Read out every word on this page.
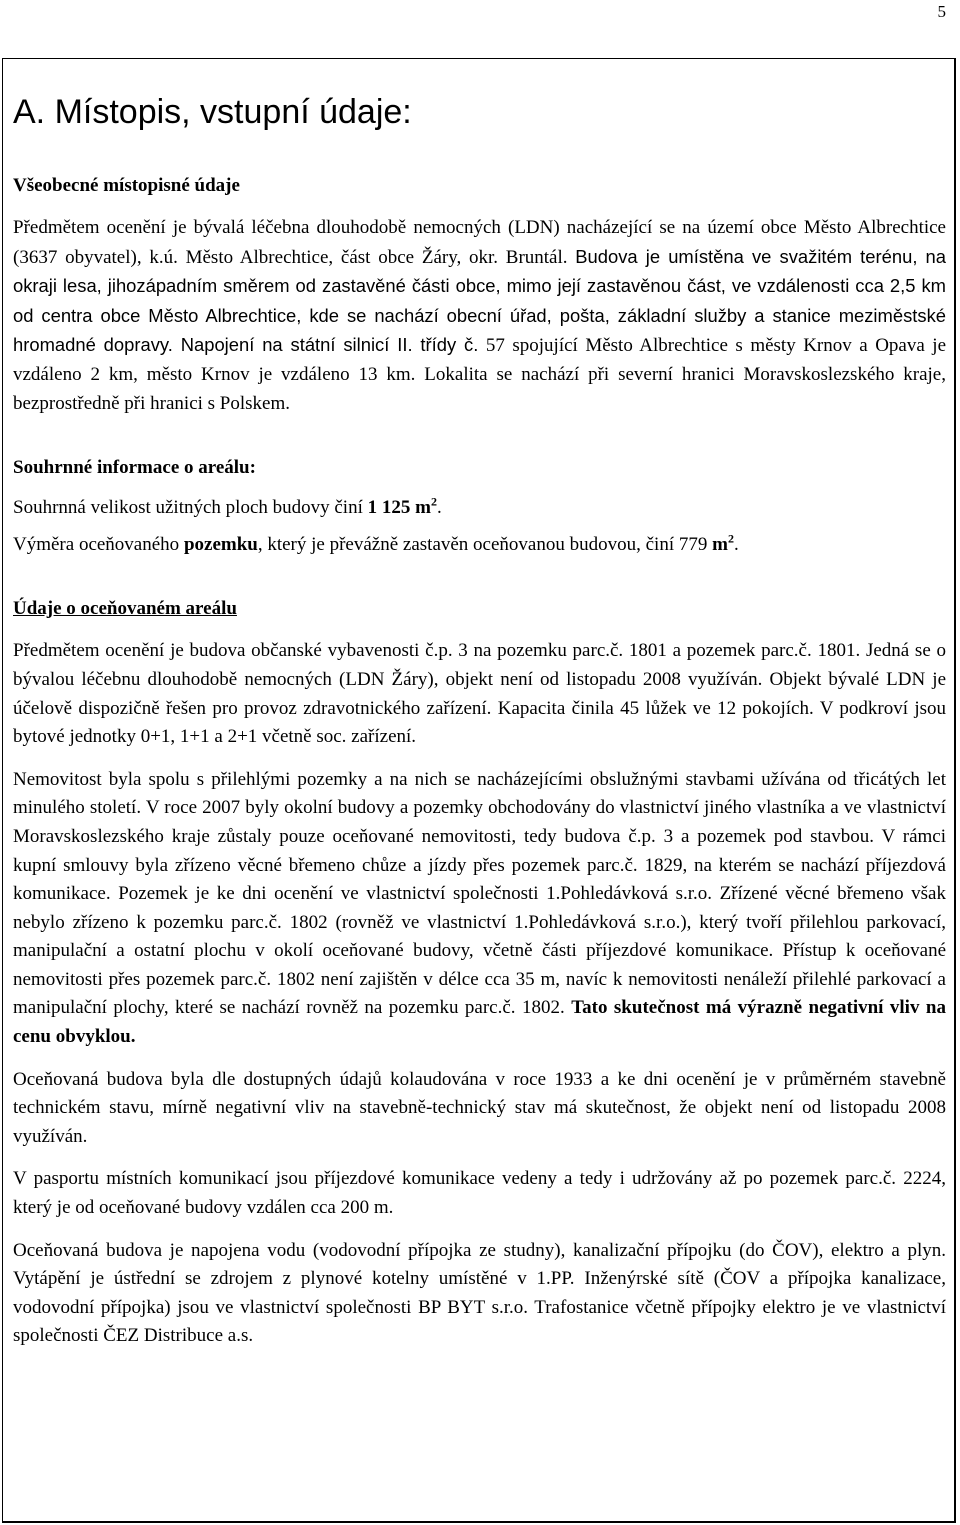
5
A. Místopis, vstupní údaje:
Všeobecné místopisné údaje

Předmětem ocenění je bývalá léčebna dlouhodobě nemocných (LDN) nacházející se na území obce Město Albrechtice (3637 obyvatel), k.ú. Město Albrechtice, část obce Žáry, okr. Bruntál. Budova je umístěna ve svažitém terénu, na okraji lesa, jihozápadním směrem od zastavěné části obce, mimo její zastavěnou část, ve vzdálenosti cca 2,5 km od centra obce Město Albrechtice, kde se nachází obecní úřad, pošta, základní služby a stanice meziměstské hromadné dopravy. Napojení na státní silnicí II. třídy č. 57 spojující Město Albrechtice s městy Krnov a Opava je vzdáleno 2 km, město Krnov je vzdáleno 13 km. Lokalita se nachází při severní hranici Moravskoslezského kraje, bezprostředně při hranici s Polskem.

Souhrnné informace o areálu:

Souhrnná velikost užitných ploch budovy činí 1 125 $m^2$.

Výměra oceňovaného pozemku, který je převážně zastavěn oceňovanou budovou, činí 779 $m^2$.

Údaje o oceňovaném areálu

Předmětem ocenění je budova občanské vybavenosti č.p. 3 na pozemku parc.č. 1801 a pozemek parc.č. 1801. Jedná se o bývalou léčebnu dlouhodobě nemocných (LDN Žáry), objekt není od listopadu 2008 využíván. Objekt bývalé LDN je účelově dispozičně řešen pro provoz zdravotnického zařízení. Kapacita činila 45 lůžek ve 12 pokojích. V podkroví jsou bytové jednotky 0+1, 1+1 a 2+1 včetně soc. zařízení.

Nemovitost byla spolu s přilehlými pozemky a na nich se nacházejícími obslužnými stavbami užívána od třicátých let minulého století. V roce 2007 byly okolní budovy a pozemky obchodovány do vlastnictví jiného vlastníka a ve vlastnictví Moravskoslezského kraje zůstaly pouze oceňované nemovitosti, tedy budova č.p. 3 a pozemek pod stavbou. V rámci kupní smlouvy byla zřízeno věcné břemeno chůze a jízdy přes pozemek parc.č. 1829, na kterém se nachází příjezdová komunikace. Pozemek je ke dni ocenění ve vlastnictví společnosti 1.Pohledávková s.r.o. Zřízené věcné břemeno však nebylo zřízeno k pozemku parc.č. 1802 (rovněž ve vlastnictví 1.Pohledávková s.r.o.), který tvoří přilehlou parkovací, manipulační a ostatní plochu v okolí oceňované budovy, včetně části příjezdové komunikace. Přístup k oceňované nemovitosti přes pozemek parc.č. 1802 není zajištěn v délce cca 35 m, navíc k nemovitosti nenáleží přilehlé parkovací a manipulační plochy, které se nachází rovněž na pozemku parc.č. 1802. Tato skutečnost má výrazně negativní vliv na cenu obvyklou.

Oceňovaná budova byla dle dostupných údajů kolaudována v roce 1933 a ke dni ocenění je v průměrném stavebně technickém stavu, mírně negativní vliv na stavebně-technický stav má skutečnost, že objekt není od listopadu 2008 využíván.

V pasportu místních komunikací jsou příjezdové komunikace vedeny a tedy i udržovány až po pozemek parc.č. 2224, který je od oceňované budovy vzdálen cca 200 m.

Oceňovaná budova je napojena vodu (vodovodní přípojka ze studny), kanalizační přípojku (do ČOV), elektro a plyn. Vytápění je ústřední se zdrojem z plynové kotelny umístěné v 1.PP. Inženýrské sítě (ČOV a přípojka kanalizace, vodovodní přípojka) jsou ve vlastnictví společnosti BP BYT s.r.o. Trafostanice včetně přípojky elektro je ve vlastnictví společnosti ČEZ Distribuce a.s.
